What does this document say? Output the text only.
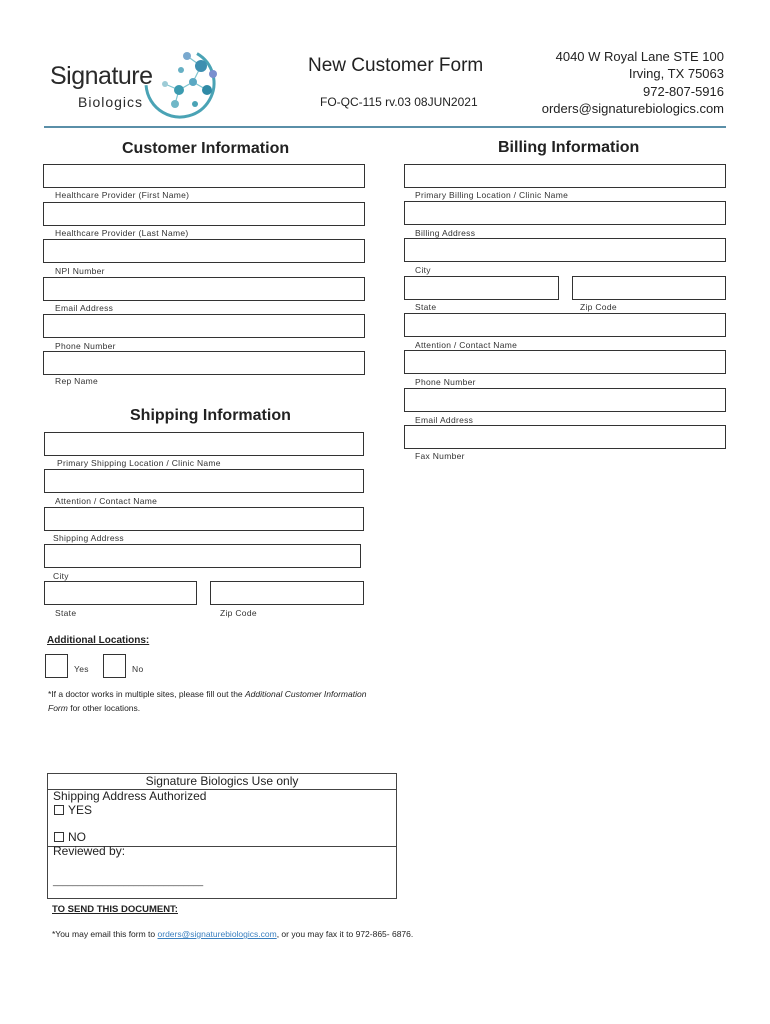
Signature
Biologics
New Customer Form
FO-QC-115 rv.03 08JUN2021
4040 W Royal Lane STE 100
Irving, TX 75063
972-807-5916
orders@signaturebiologics.com
Customer Information
Healthcare Provider (First Name)
Healthcare Provider (Last Name)
NPI Number
Email Address
Phone Number
Rep Name
Billing Information
Primary Billing Location / Clinic Name
Billing Address
City
State	Zip Code
Attention / Contact Name
Phone Number
Email Address
Fax Number
Shipping Information
Primary Shipping Location / Clinic Name
Attention / Contact Name
Shipping Address
City
State	Zip Code
Additional Locations:
Yes	No
*If a doctor works in multiple sites, please fill out the Additional Customer Information Form for other locations.
Signature Biologics Use only
Shipping Address Authorized
YES
NO
Reviewed by:
______________________________
TO SEND THIS DOCUMENT:
*You may email this form to orders@signaturebiologics.com, or you may fax it to 972-865- 6876.
